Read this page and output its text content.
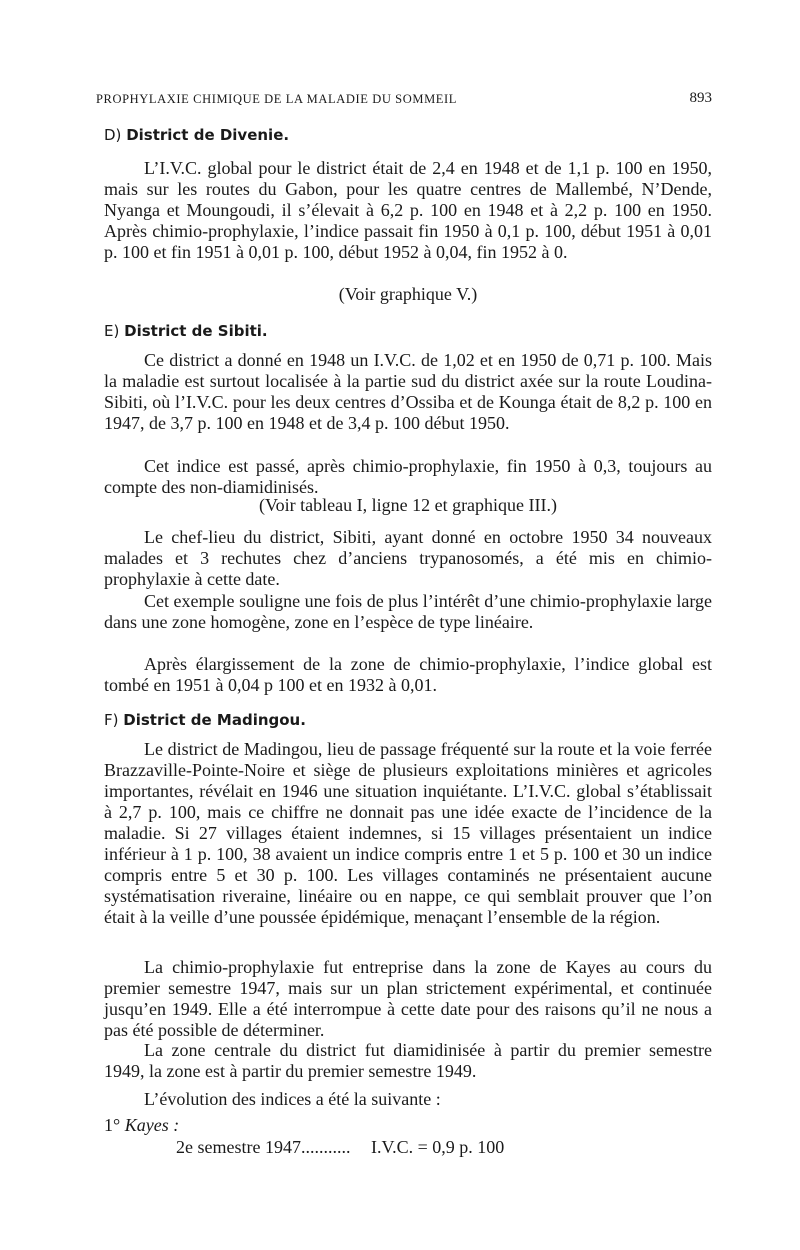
PROPHYLAXIE CHIMIQUE DE LA MALADIE DU SOMMEIL	893
D) District de Divenie.
L’I.V.C. global pour le district était de 2,4 en 1948 et de 1,1 p. 100 en 1950, mais sur les routes du Gabon, pour les quatre centres de Mallembé, N’Dende, Nyanga et Moungoudi, il s’élevait à 6,2 p. 100 en 1948 et à 2,2 p. 100 en 1950. Après chimio-prophylaxie, l’indice passait fin 1950 à 0,1 p. 100, début 1951 à 0,01 p. 100 et fin 1951 à 0,01 p. 100, début 1952 à 0,04, fin 1952 à 0.
(Voir graphique V.)
E) District de Sibiti.
Ce district a donné en 1948 un I.V.C. de 1,02 et en 1950 de 0,71 p. 100. Mais la maladie est surtout localisée à la partie sud du district axée sur la route Loudina-Sibiti, où l’I.V.C. pour les deux centres d’Ossiba et de Kounga était de 8,2 p. 100 en 1947, de 3,7 p. 100 en 1948 et de 3,4 p. 100 début 1950.
Cet indice est passé, après chimio-prophylaxie, fin 1950 à 0,3, toujours au compte des non-diamidinisés.
(Voir tableau I, ligne 12 et graphique III.)
Le chef-lieu du district, Sibiti, ayant donné en octobre 1950 34 nouveaux malades et 3 rechutes chez d’anciens trypanosomés, a été mis en chimio-prophylaxie à cette date.
Cet exemple souligne une fois de plus l’intérêt d’une chimio-prophylaxie large dans une zone homogène, zone en l’espèce de type linéaire.
Après élargissement de la zone de chimio-prophylaxie, l’indice global est tombé en 1951 à 0,04 p 100 et en 1932 à 0,01.
F) District de Madingou.
Le district de Madingou, lieu de passage fréquenté sur la route et la voie ferrée Brazzaville-Pointe-Noire et siège de plusieurs exploitations minières et agricoles importantes, révélait en 1946 une situation inquiétante. L’I.V.C. global s’établissait à 2,7 p. 100, mais ce chiffre ne donnait pas une idée exacte de l’incidence de la maladie. Si 27 villages étaient indemnes, si 15 villages présentaient un indice inférieur à 1 p. 100, 38 avaient un indice compris entre 1 et 5 p. 100 et 30 un indice compris entre 5 et 30 p. 100. Les villages contaminés ne présentaient aucune systématisation riveraine, linéaire ou en nappe, ce qui semblait prouver que l’on était à la veille d’une poussée épidémique, menaçant l’ensemble de la région.
La chimio-prophylaxie fut entreprise dans la zone de Kayes au cours du premier semestre 1947, mais sur un plan strictement expérimental, et continuée jusqu’en 1949. Elle a été interrompue à cette date pour des raisons qu’il ne nous a pas été possible de déterminer.
La zone centrale du district fut diamidinisée à partir du premier semestre 1949, la zone est à partir du premier semestre 1949.
L’évolution des indices a été la suivante :
1° Kayes :
2e semestre 1947........... I.V.C. = 0,9 p. 100
